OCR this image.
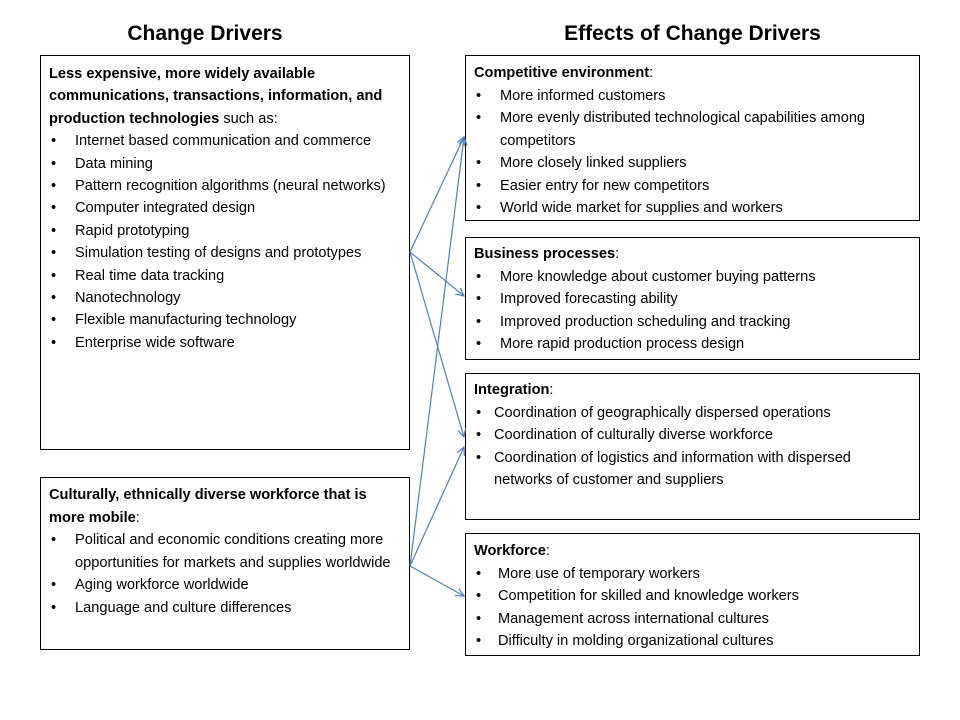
Change Drivers	Effects of Change Drivers

Less expensive, more widely available communications, transactions, information, and production technologies such as:

• Internet based communication and commerce
• Data mining
• Pattern recognition algorithms (neural networks)
• Computer integrated design
• Rapid prototyping
• Simulation testing of designs and prototypes
• Real time data tracking
• Nanotechnology
• Flexible manufacturing technology
• Enterprise wide software

Culturally, ethnically diverse workforce that is more mobile:

• Political and economic conditions creating more opportunities for markets and supplies worldwide
• Aging workforce worldwide
• Language and culture differences

Competitive environment:

• More informed customers
• More evenly distributed technological capabilities among competitors
• More closely linked suppliers
• Easier entry for new competitors
• World wide market for supplies and workers

Business processes:

• More knowledge about customer buying patterns
• Improved forecasting ability
• Improved production scheduling and tracking
• More rapid production process design

Integration:

• Coordination of geographically dispersed operations
• Coordination of culturally diverse workforce
• Coordination of logistics and information with dispersed networks of customer and suppliers

Workforce:

• More use of temporary workers
• Competition for skilled and knowledge workers
• Management across international cultures
• Difficulty in molding organizational cultures
